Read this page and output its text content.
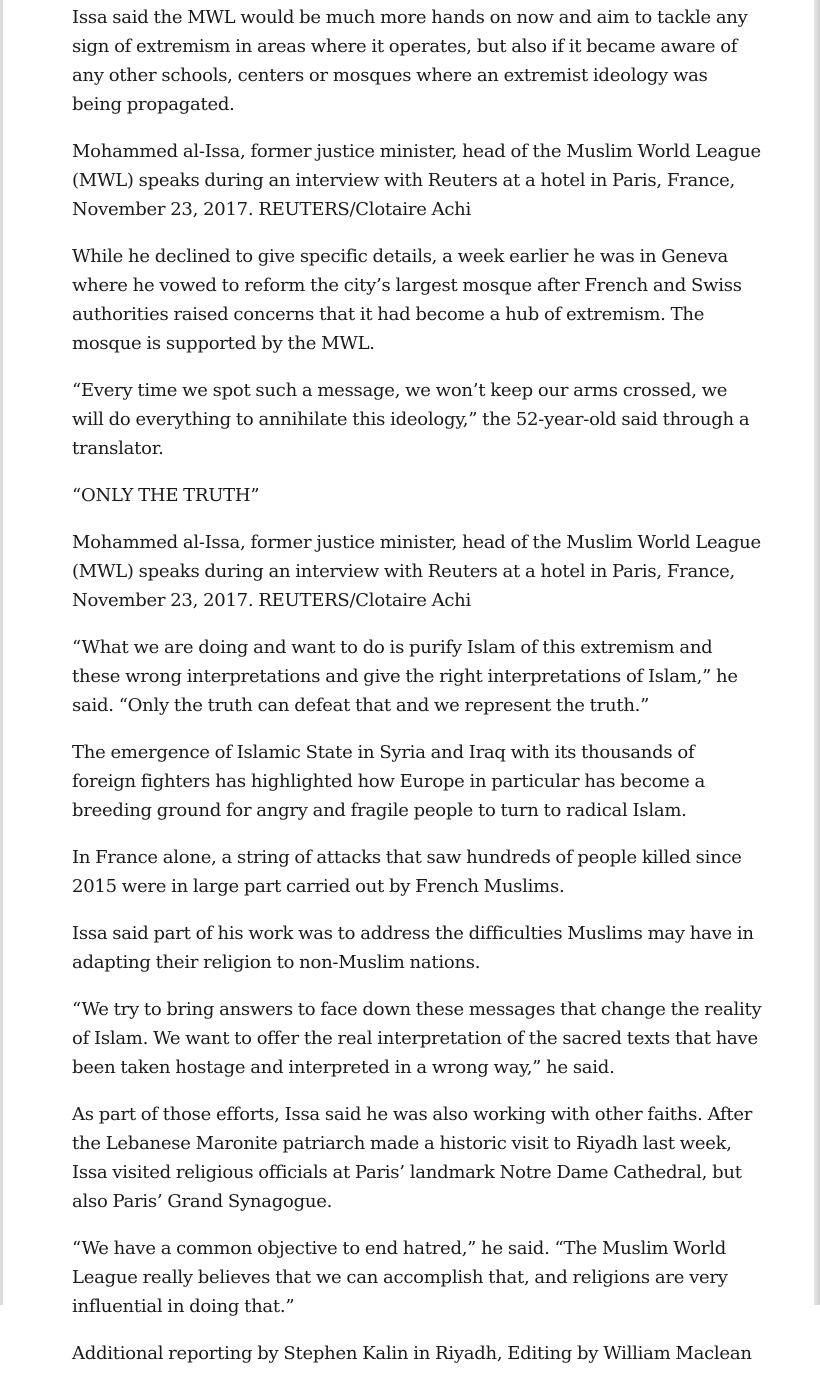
Issa said the MWL would be much more hands on now and aim to tackle any sign of extremism in areas where it operates, but also if it became aware of any other schools, centers or mosques where an extremist ideology was being propagated.

Mohammed al-Issa, former justice minister, head of the Muslim World League (MWL) speaks during an interview with Reuters at a hotel in Paris, France, November 23, 2017. REUTERS/Clotaire Achi

While he declined to give specific details, a week earlier he was in Geneva where he vowed to reform the city’s largest mosque after French and Swiss authorities raised concerns that it had become a hub of extremism. The mosque is supported by the MWL.

“Every time we spot such a message, we won’t keep our arms crossed, we will do everything to annihilate this ideology,” the 52-year-old said through a translator.

“ONLY THE TRUTH”

Mohammed al-Issa, former justice minister, head of the Muslim World League (MWL) speaks during an interview with Reuters at a hotel in Paris, France, November 23, 2017. REUTERS/Clotaire Achi

“What we are doing and want to do is purify Islam of this extremism and these wrong interpretations and give the right interpretations of Islam,” he said. “Only the truth can defeat that and we represent the truth.”

The emergence of Islamic State in Syria and Iraq with its thousands of foreign fighters has highlighted how Europe in particular has become a breeding ground for angry and fragile people to turn to radical Islam.

In France alone, a string of attacks that saw hundreds of people killed since 2015 were in large part carried out by French Muslims.

Issa said part of his work was to address the difficulties Muslims may have in adapting their religion to non-Muslim nations.

“We try to bring answers to face down these messages that change the reality of Islam. We want to offer the real interpretation of the sacred texts that have been taken hostage and interpreted in a wrong way,” he said.

As part of those efforts, Issa said he was also working with other faiths. After the Lebanese Maronite patriarch made a historic visit to Riyadh last week, Issa visited religious officials at Paris’ landmark Notre Dame Cathedral, but also Paris’ Grand Synagogue.

“We have a common objective to end hatred,” he said. “The Muslim World League really believes that we can accomplish that, and religions are very influential in doing that.”

Additional reporting by Stephen Kalin in Riyadh, Editing by William Maclean
